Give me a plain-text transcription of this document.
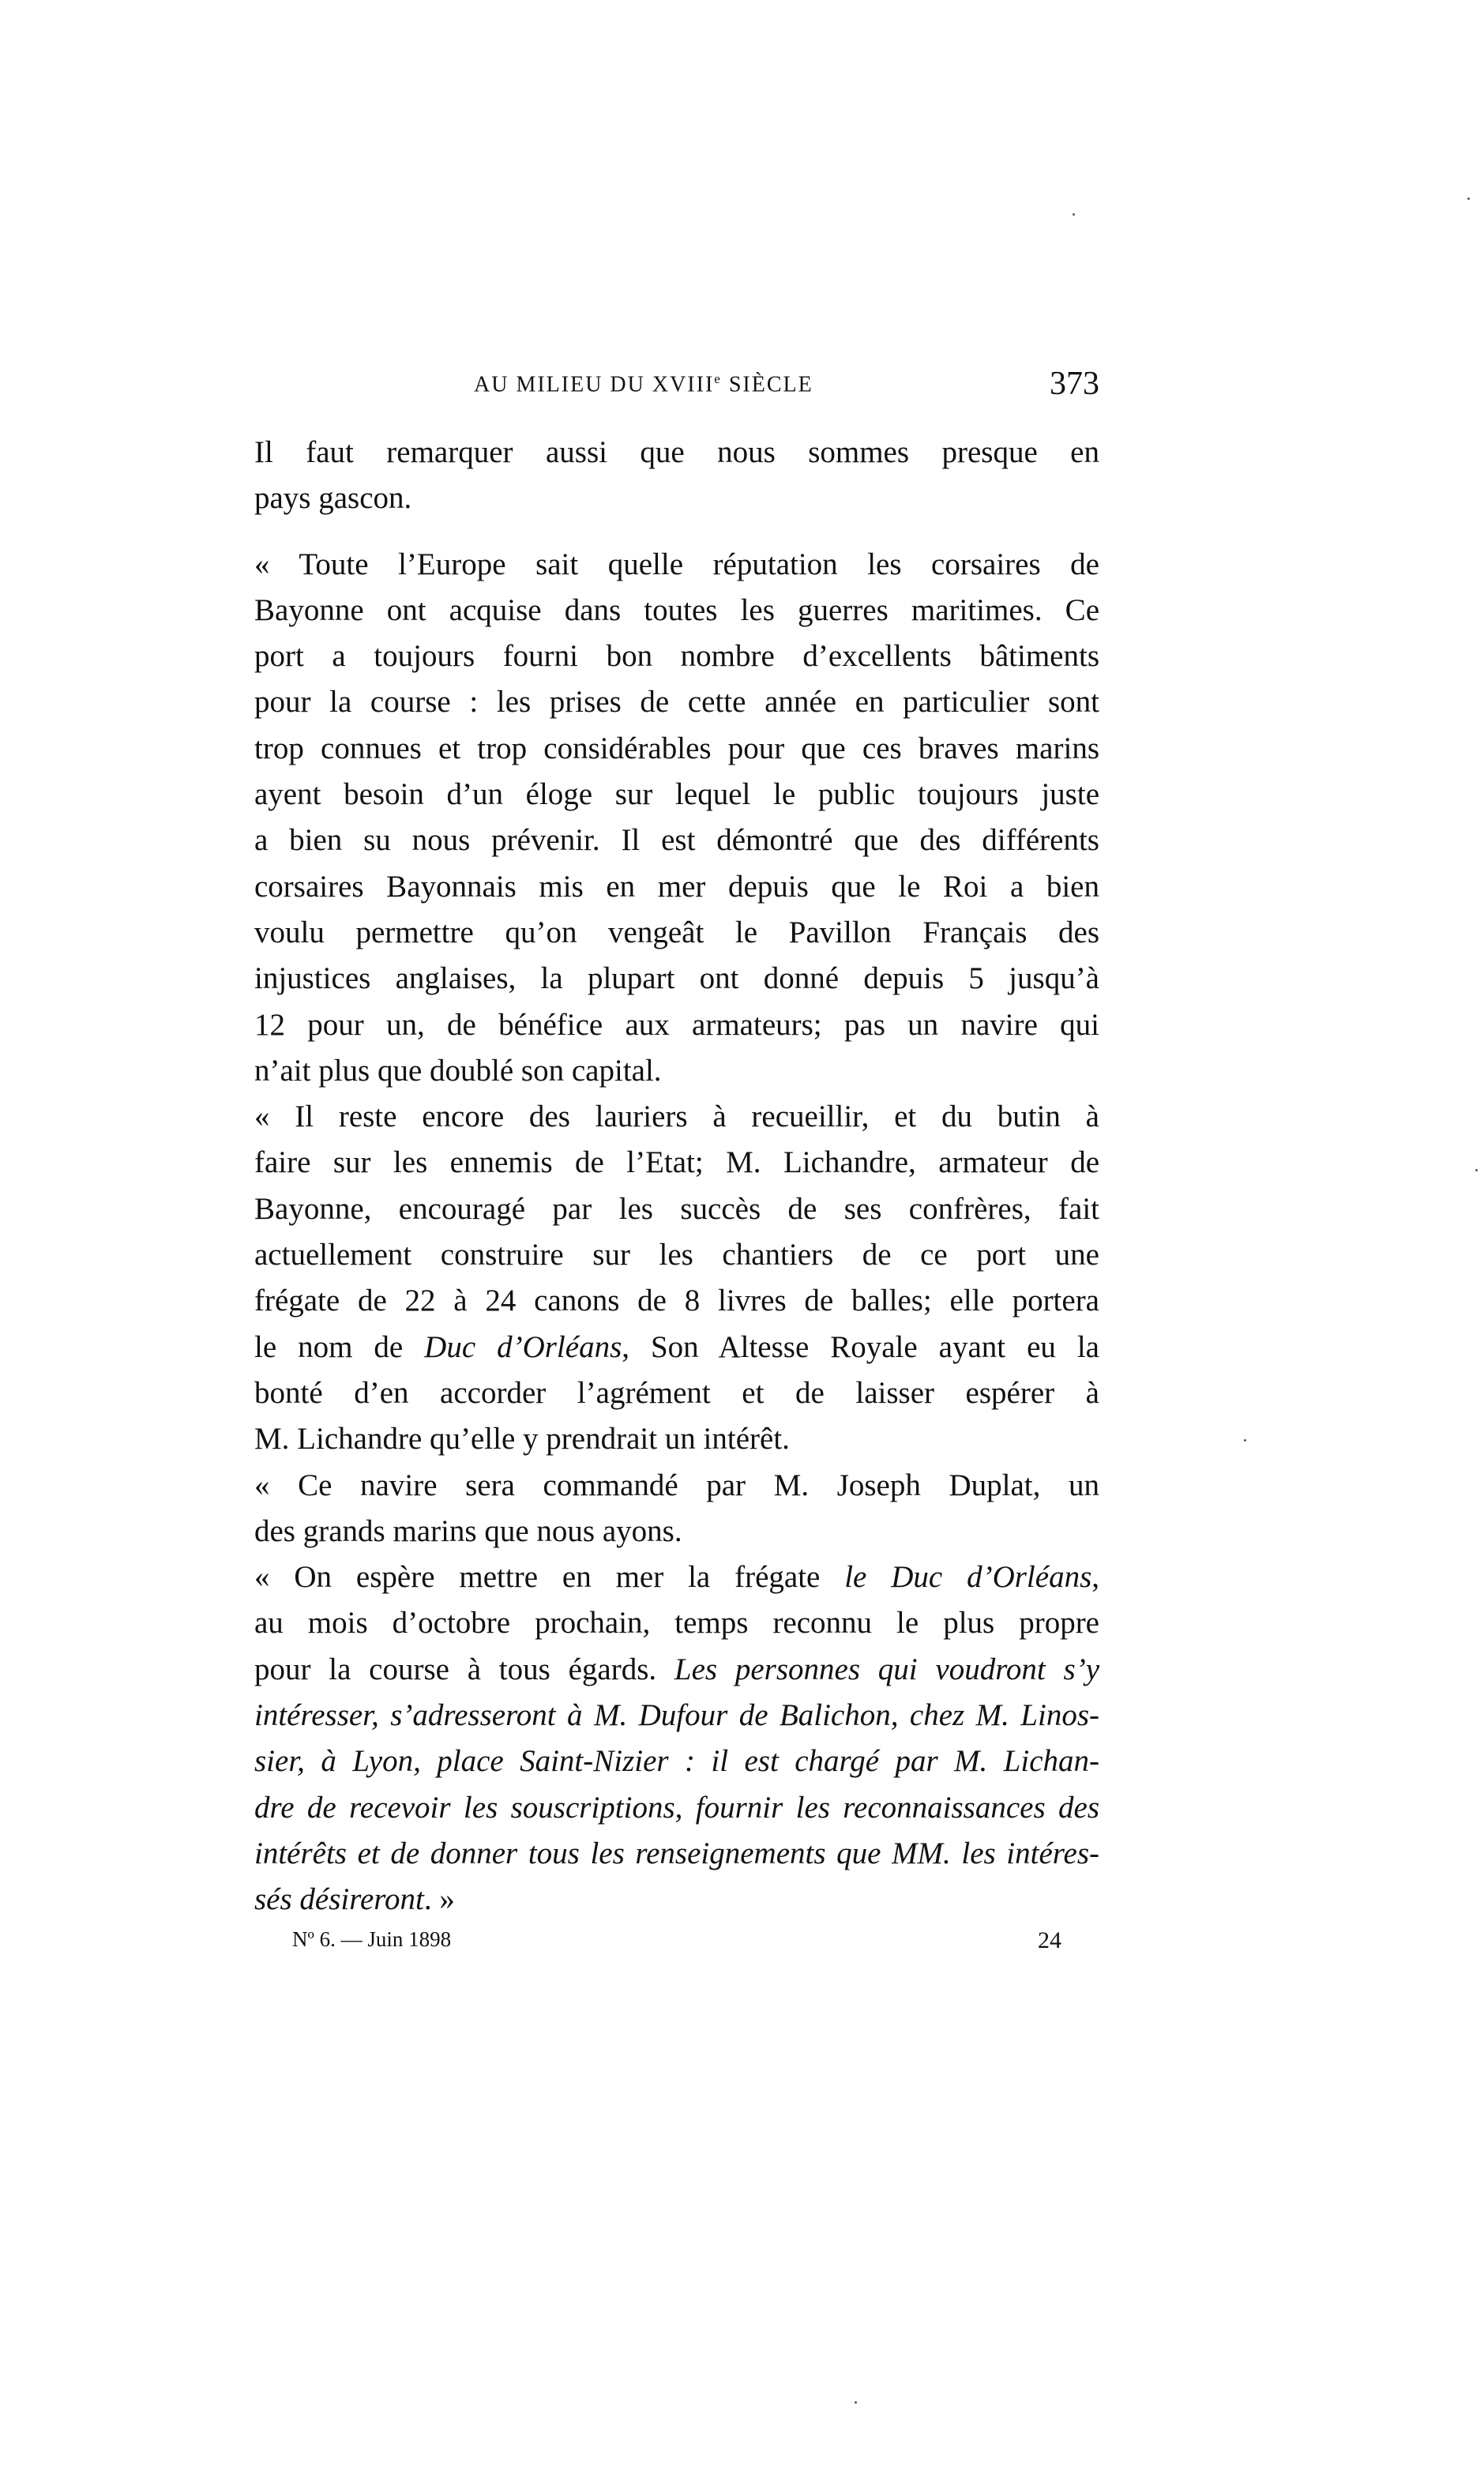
AU MILIEU DU XVIIIe SIÈCLE	373
Il faut remarquer aussi que nous sommes presque en
pays gascon.
« Toute l’Europe sait quelle réputation les corsaires de
Bayonne ont acquise dans toutes les guerres maritimes. Ce
port a toujours fourni bon nombre d’excellents bâtiments
pour la course : les prises de cette année en particulier sont
trop connues et trop considérables pour que ces braves marins
ayent besoin d’un éloge sur lequel le public toujours juste
a bien su nous prévenir. Il est démontré que des différents
corsaires Bayonnais mis en mer depuis que le Roi a bien
voulu permettre qu’on vengeât le Pavillon Français des
injustices anglaises, la plupart ont donné depuis 5 jusqu’à
12 pour un, de bénéfice aux armateurs; pas un navire qui
n’ait plus que doublé son capital.
« Il reste encore des lauriers à recueillir, et du butin à
faire sur les ennemis de l’Etat; M. Lichandre, armateur de
Bayonne, encouragé par les succès de ses confrères, fait
actuellement construire sur les chantiers de ce port une
frégate de 22 à 24 canons de 8 livres de balles; elle portera
le nom de Duc d’Orléans, Son Altesse Royale ayant eu la
bonté d’en accorder l’agrément et de laisser espérer à
M. Lichandre qu’elle y prendrait un intérêt.
« Ce navire sera commandé par M. Joseph Duplat, un
des grands marins que nous ayons.
« On espère mettre en mer la frégate le Duc d’Orléans,
au mois d’octobre prochain, temps reconnu le plus propre
pour la course à tous égards. Les personnes qui voudront s’y
intéresser, s’adresseront à M. Dufour de Balichon, chez M. Linos-
sier, à Lyon, place Saint-Nizier : il est chargé par M. Lichan-
dre de recevoir les souscriptions, fournir les reconnaissances des
intérêts et de donner tous les renseignements que MM. les intéres-
sés désireront. »
Nº 6. — Juin 1898	24
